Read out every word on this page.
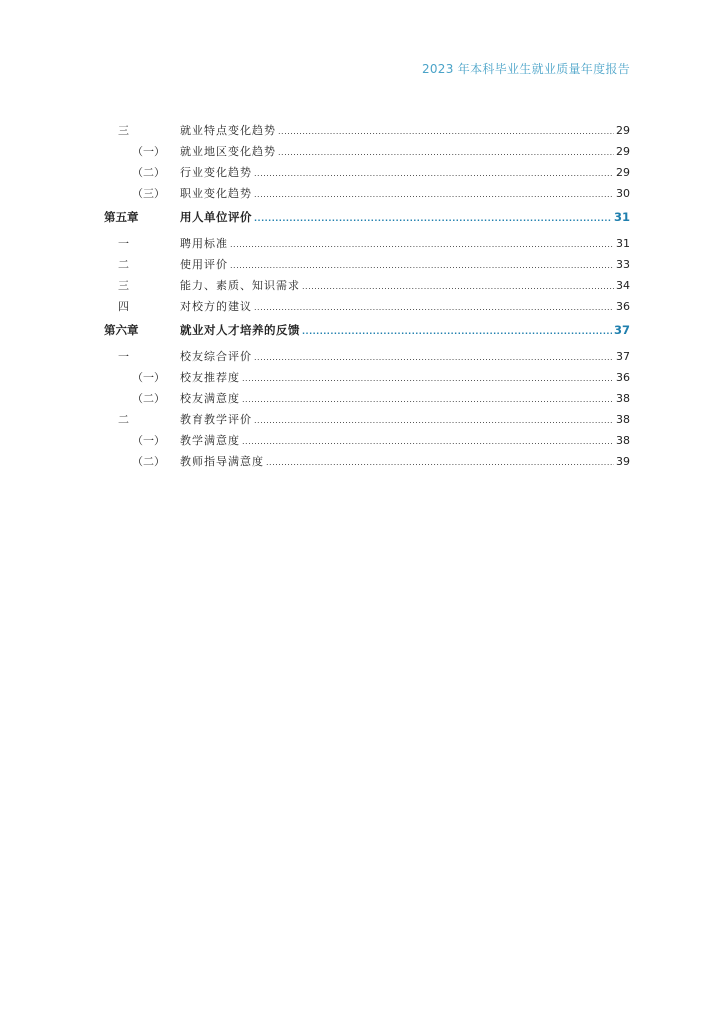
2023 年本科毕业生就业质量年度报告
三	就业特点变化趋势 .....	29
（一）	就业地区变化趋势 .....	29
（二）	行业变化趋势 .....	29
（三）	职业变化趋势 .....	30
第五章	用人单位评价 .....	31
一	聘用标准 .....	31
二	使用评价 .....	33
三	能力、素质、知识需求 .....	34
四	对校方的建议 .....	36
第六章	就业对人才培养的反馈 .....	37
一	校友综合评价 .....	37
（一）	校友推荐度 .....	36
（二）	校友满意度 .....	38
二	教育教学评价 .....	38
（一）	教学满意度 .....	38
（二）	教师指导满意度 .....	39
